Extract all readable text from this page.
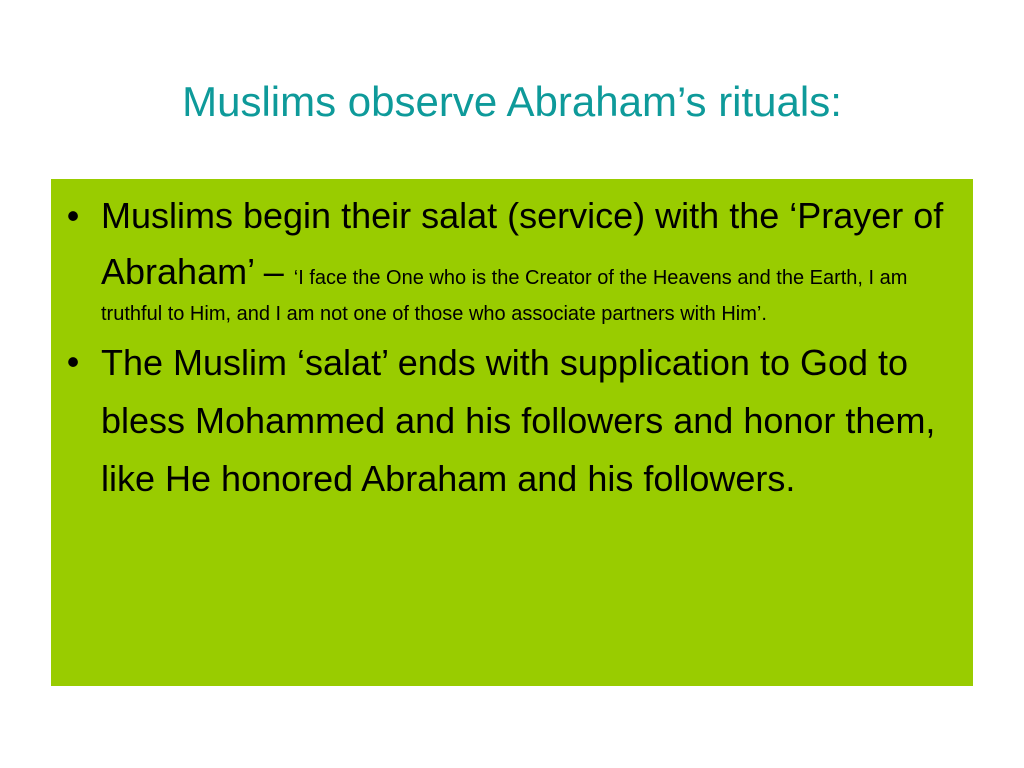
Muslims observe Abraham’s rituals:
• Muslims begin their salat (service) with the ‘Prayer of Abraham’ – ‘I face the One who is the Creator of the Heavens and the Earth, I am truthful to Him, and I am not one of those who associate partners with Him’.
• The Muslim ‘salat’ ends with supplication to God to bless Mohammed and his followers and honor them, like He honored Abraham and his followers.
